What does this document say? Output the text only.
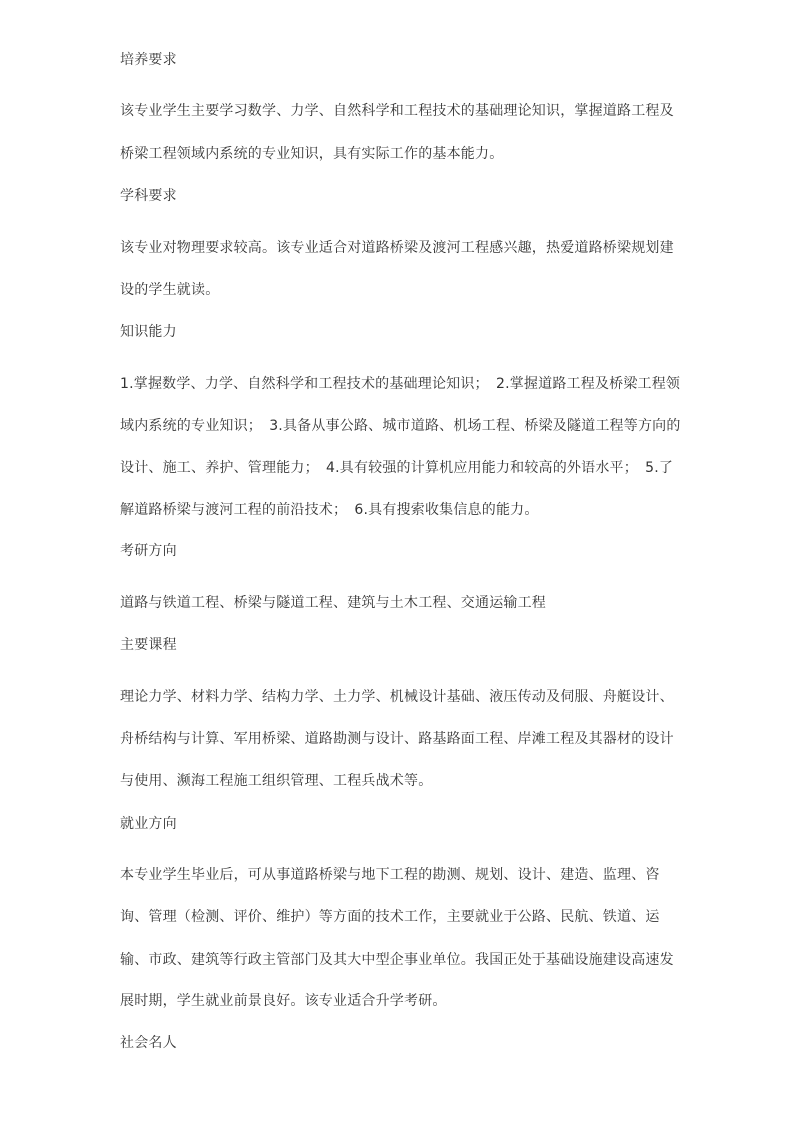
培养要求
该专业学生主要学习数学、力学、自然科学和工程技术的基础理论知识，掌握道路工程及
桥梁工程领域内系统的专业知识，具有实际工作的基本能力。
学科要求
该专业对物理要求较高。该专业适合对道路桥梁及渡河工程感兴趣，热爱道路桥梁规划建
设的学生就读。
知识能力
1.掌握数学、力学、自然科学和工程技术的基础理论知识；　2.掌握道路工程及桥梁工程领
域内系统的专业知识；　3.具备从事公路、城市道路、机场工程、桥梁及隧道工程等方向的
设计、施工、养护、管理能力；　4.具有较强的计算机应用能力和较高的外语水平；　5.了
解道路桥梁与渡河工程的前沿技术；　6.具有搜索收集信息的能力。
考研方向
道路与铁道工程、桥梁与隧道工程、建筑与土木工程、交通运输工程
主要课程
理论力学、材料力学、结构力学、土力学、机械设计基础、液压传动及伺服、舟艇设计、
舟桥结构与计算、军用桥梁、道路勘测与设计、路基路面工程、岸滩工程及其器材的设计
与使用、濒海工程施工组织管理、工程兵战术等。
就业方向
本专业学生毕业后，可从事道路桥梁与地下工程的勘测、规划、设计、建造、监理、咨
询、管理（检测、评价、维护）等方面的技术工作，主要就业于公路、民航、铁道、运
输、市政、建筑等行政主管部门及其大中型企事业单位。我国正处于基础设施建设高速发
展时期，学生就业前景良好。该专业适合升学考研。
社会名人
